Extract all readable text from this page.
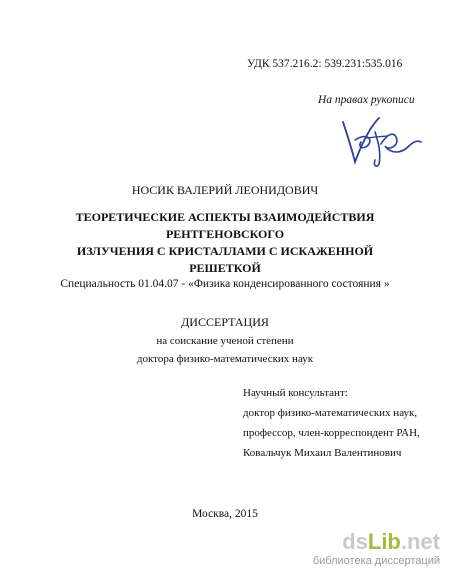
УДК 537.216.2: 539.231:535.016
На правах рукописи
НОСИК ВАЛЕРИЙ ЛЕОНИДОВИЧ
ТЕОРЕТИЧЕСКИЕ АСПЕКТЫ ВЗАИМОДЕЙСТВИЯ РЕНТГЕНОВСКОГО
ИЗЛУЧЕНИЯ С КРИСТАЛЛАМИ С ИСКАЖЕННОЙ РЕШЕТКОЙ
Специальность 01.04.07 - «Физика конденсированного состояния »
ДИССЕРТАЦИЯ
на соискание ученой степени
доктора физико-математических наук
Научный консультант:
доктор физико-математических наук,
профессор, член-корреспондент РАН,
Ковальчук Михаил Валентинович
Москва, 2015
dsLib.net
библиотека диссертаций
